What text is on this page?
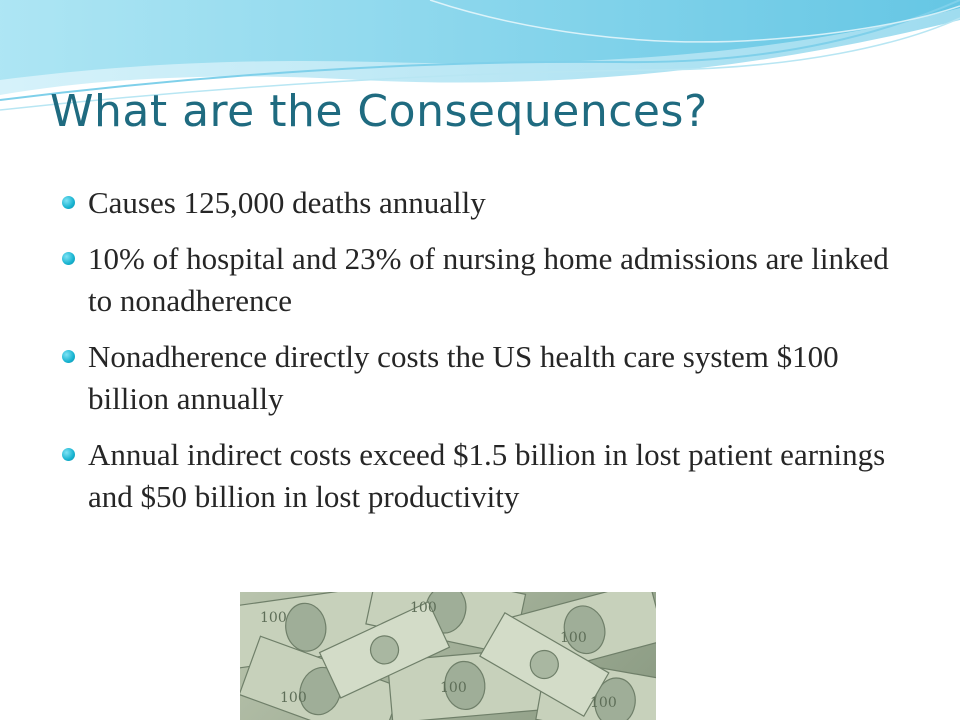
What are the Consequences?
Causes 125,000 deaths annually
10% of hospital and 23% of nursing home admissions are linked to nonadherence
Nonadherence directly costs the US health care system $100 billion annually
Annual indirect costs exceed $1.5 billion in lost patient earnings and $50 billion in lost productivity
100
100
100
100
100
100
